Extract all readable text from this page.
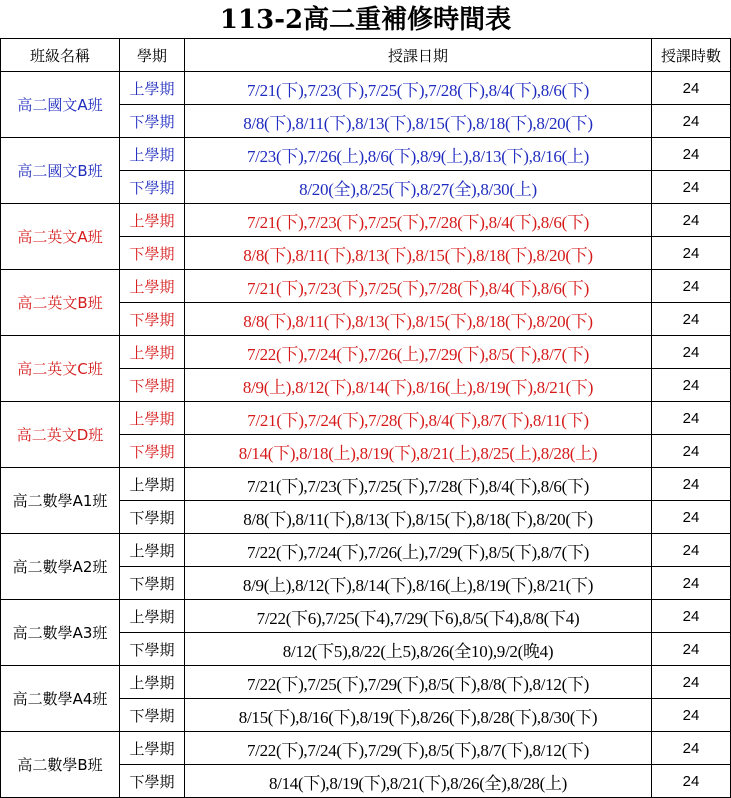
113-2高二重補修時間表
班級名稱	學期	授課日期	授課時數
高二國文A班	上學期	7/21(下),7/23(下),7/25(下),7/28(下),8/4(下),8/6(下)	24
	下學期	8/8(下),8/11(下),8/13(下),8/15(下),8/18(下),8/20(下)	24
高二國文B班	上學期	7/23(下),7/26(上),8/6(下),8/9(上),8/13(下),8/16(上)	24
	下學期	8/20(全),8/25(下),8/27(全),8/30(上)	24
高二英文A班	上學期	7/21(下),7/23(下),7/25(下),7/28(下),8/4(下),8/6(下)	24
	下學期	8/8(下),8/11(下),8/13(下),8/15(下),8/18(下),8/20(下)	24
高二英文B班	上學期	7/21(下),7/23(下),7/25(下),7/28(下),8/4(下),8/6(下)	24
	下學期	8/8(下),8/11(下),8/13(下),8/15(下),8/18(下),8/20(下)	24
高二英文C班	上學期	7/22(下),7/24(下),7/26(上),7/29(下),8/5(下),8/7(下)	24
	下學期	8/9(上),8/12(下),8/14(下),8/16(上),8/19(下),8/21(下)	24
高二英文D班	上學期	7/21(下),7/24(下),7/28(下),8/4(下),8/7(下),8/11(下)	24
	下學期	8/14(下),8/18(上),8/19(下),8/21(上),8/25(上),8/28(上)	24
高二數學A1班	上學期	7/21(下),7/23(下),7/25(下),7/28(下),8/4(下),8/6(下)	24
	下學期	8/8(下),8/11(下),8/13(下),8/15(下),8/18(下),8/20(下)	24
高二數學A2班	上學期	7/22(下),7/24(下),7/26(上),7/29(下),8/5(下),8/7(下)	24
	下學期	8/9(上),8/12(下),8/14(下),8/16(上),8/19(下),8/21(下)	24
高二數學A3班	上學期	7/22(下6),7/25(下4),7/29(下6),8/5(下4),8/8(下4)	24
	下學期	8/12(下5),8/22(上5),8/26(全10),9/2(晚4)	24
高二數學A4班	上學期	7/22(下),7/25(下),7/29(下),8/5(下),8/8(下),8/12(下)	24
	下學期	8/15(下),8/16(下),8/19(下),8/26(下),8/28(下),8/30(下)	24
高二數學B班	上學期	7/22(下),7/24(下),7/29(下),8/5(下),8/7(下),8/12(下)	24
	下學期	8/14(下),8/19(下),8/21(下),8/26(全),8/28(上)	24
